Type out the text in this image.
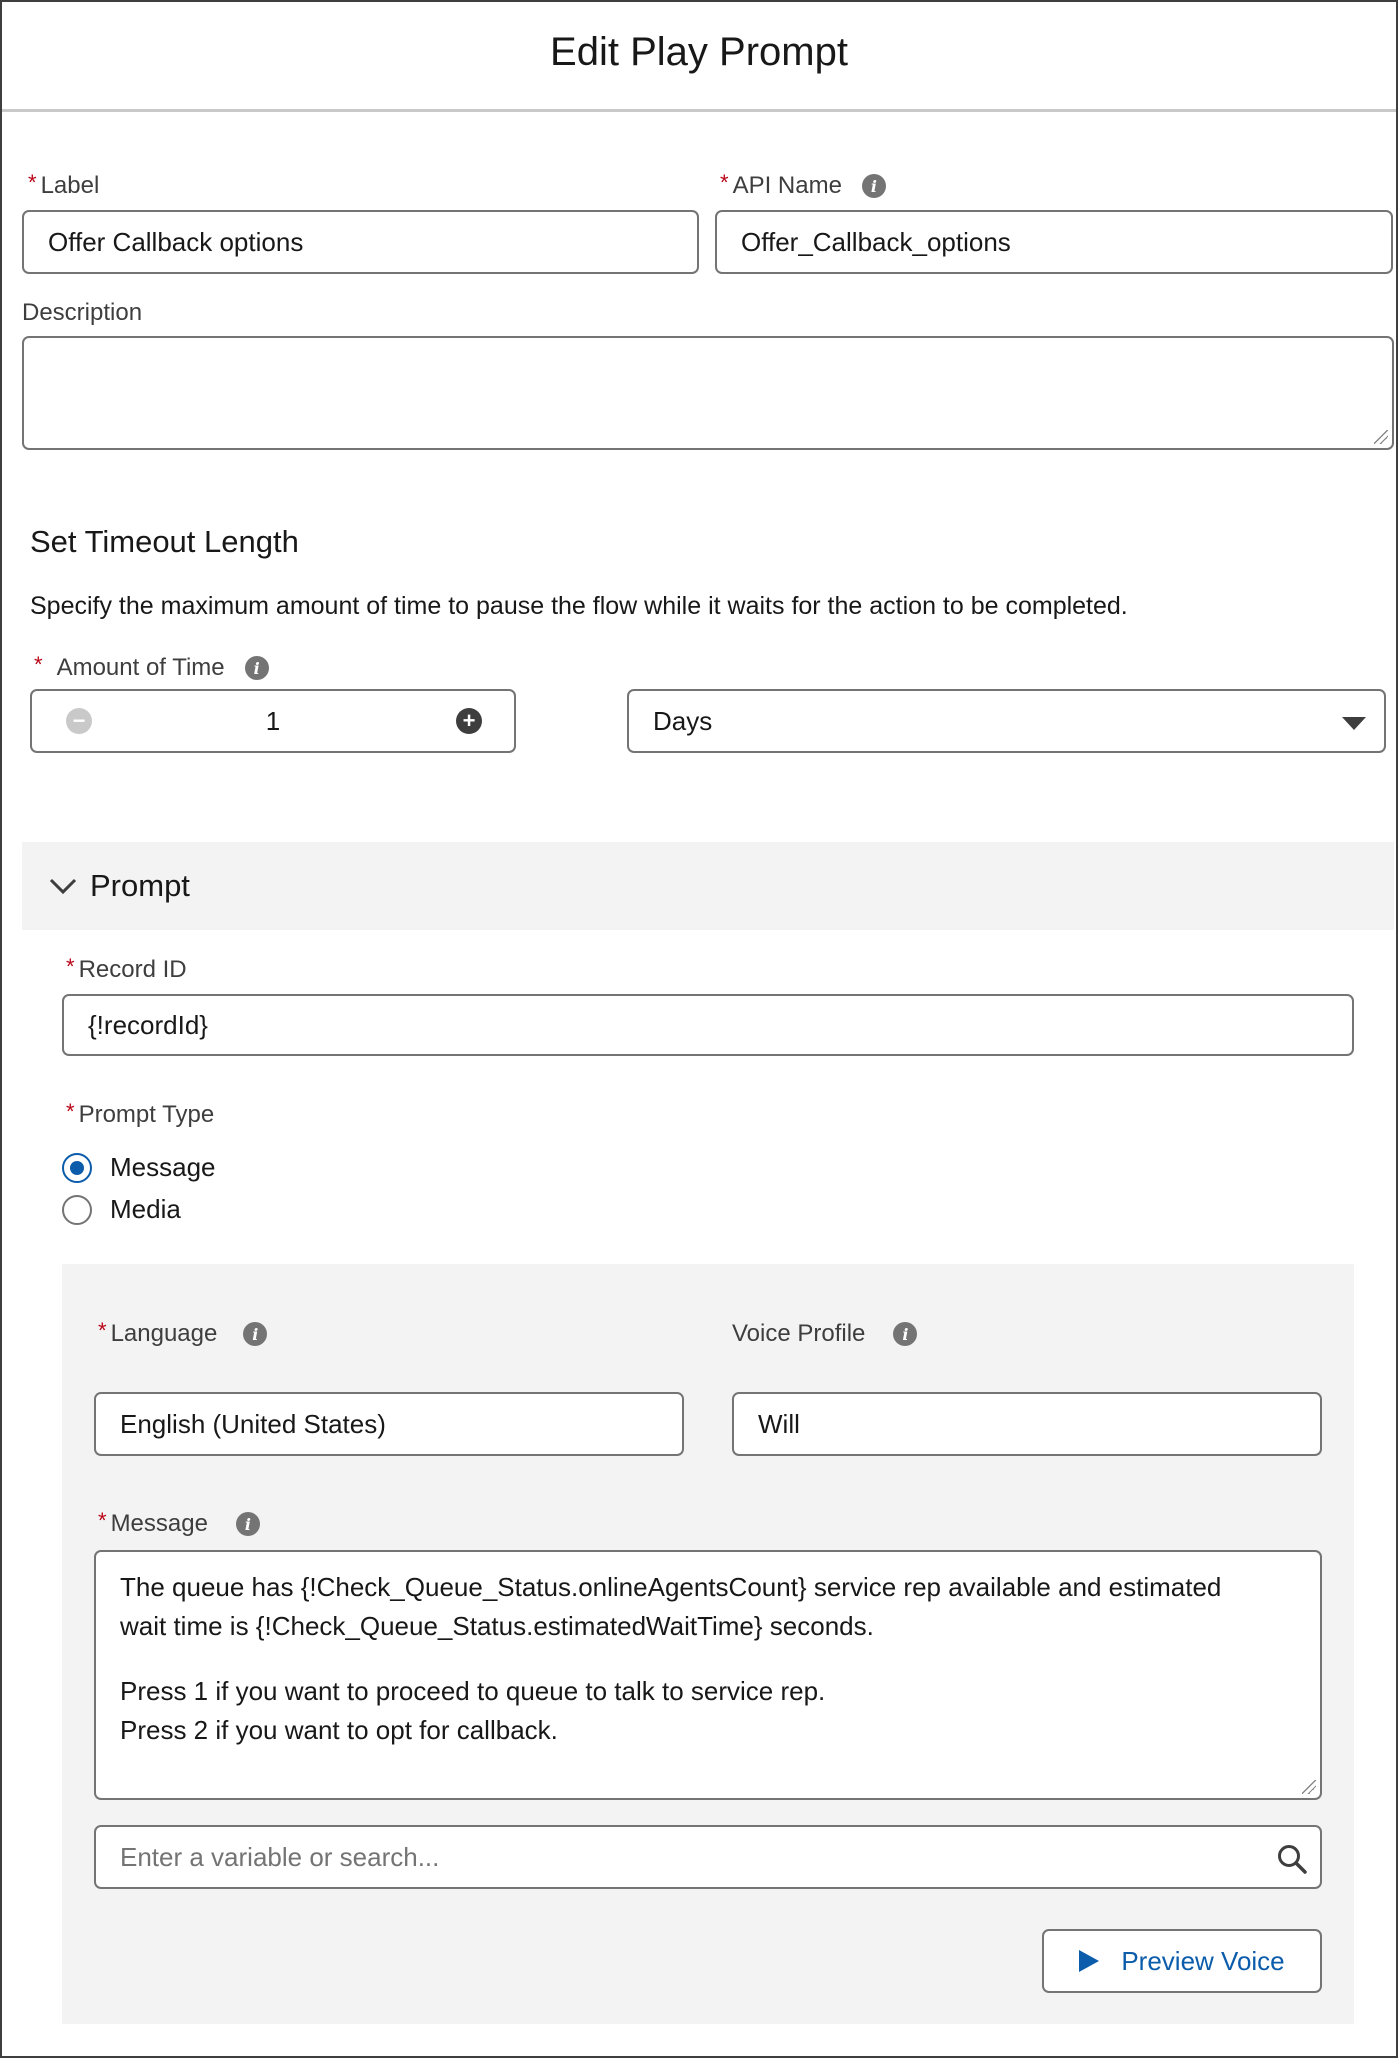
Edit Play Prompt
* Label
Offer Callback options
* API Name	i
Offer_Callback_options
Description
Set Timeout Length
Specify the maximum amount of time to pause the flow while it waits for the action to be completed.
* Amount of Time	i
−	1	+	Days
Prompt
* Record ID
{!recordId}
* Prompt Type
Message
Media
* Language	i	Voice Profile	i
English (United States)	Will
* Message	i
The queue has {!Check_Queue_Status.onlineAgentsCount} service rep available and estimated
wait time is {!Check_Queue_Status.estimatedWaitTime} seconds.
Press 1 if you want to proceed to queue to talk to service rep.
Press 2 if you want to opt for callback.
Enter a variable or search...
Preview Voice
